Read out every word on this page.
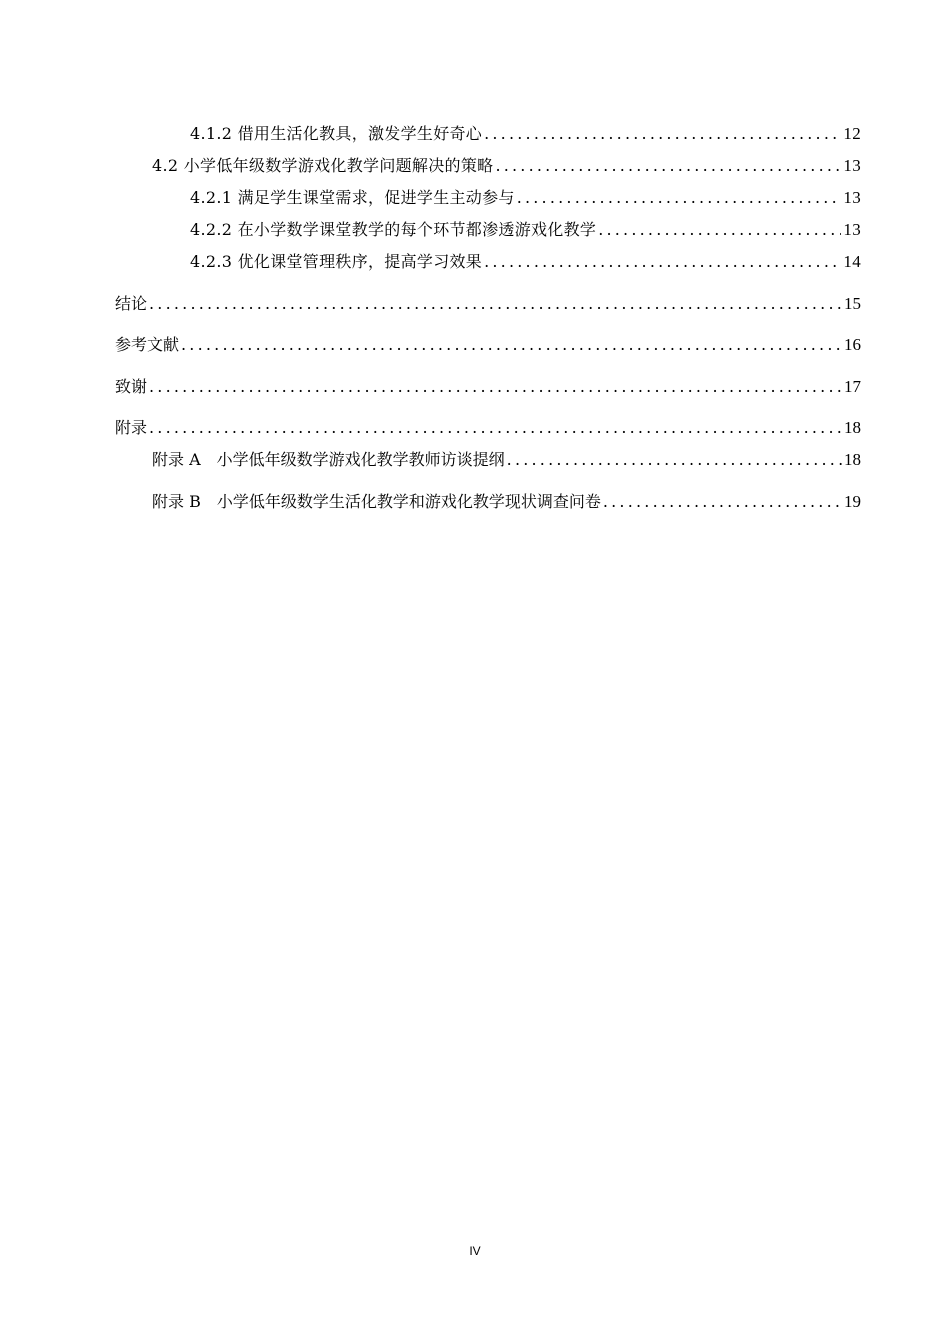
4.1.2 借用生活化教具，激发学生好奇心 .....	12
4.2 小学低年级数学游戏化教学问题解决的策略 .....	13
4.2.1 满足学生课堂需求，促进学生主动参与 .....	13
4.2.2 在小学数学课堂教学的每个环节都渗透游戏化教学 .....	13
4.2.3 优化课堂管理秩序，提高学习效果 .....	14
结论 .....	15
参考文献 .....	16
致谢 .....	17
附录 .....	18
附录 A　小学低年级数学游戏化教学教师访谈提纲 .....	18
附录 B　小学低年级数学生活化教学和游戏化教学现状调查问卷 .....	19
IV
